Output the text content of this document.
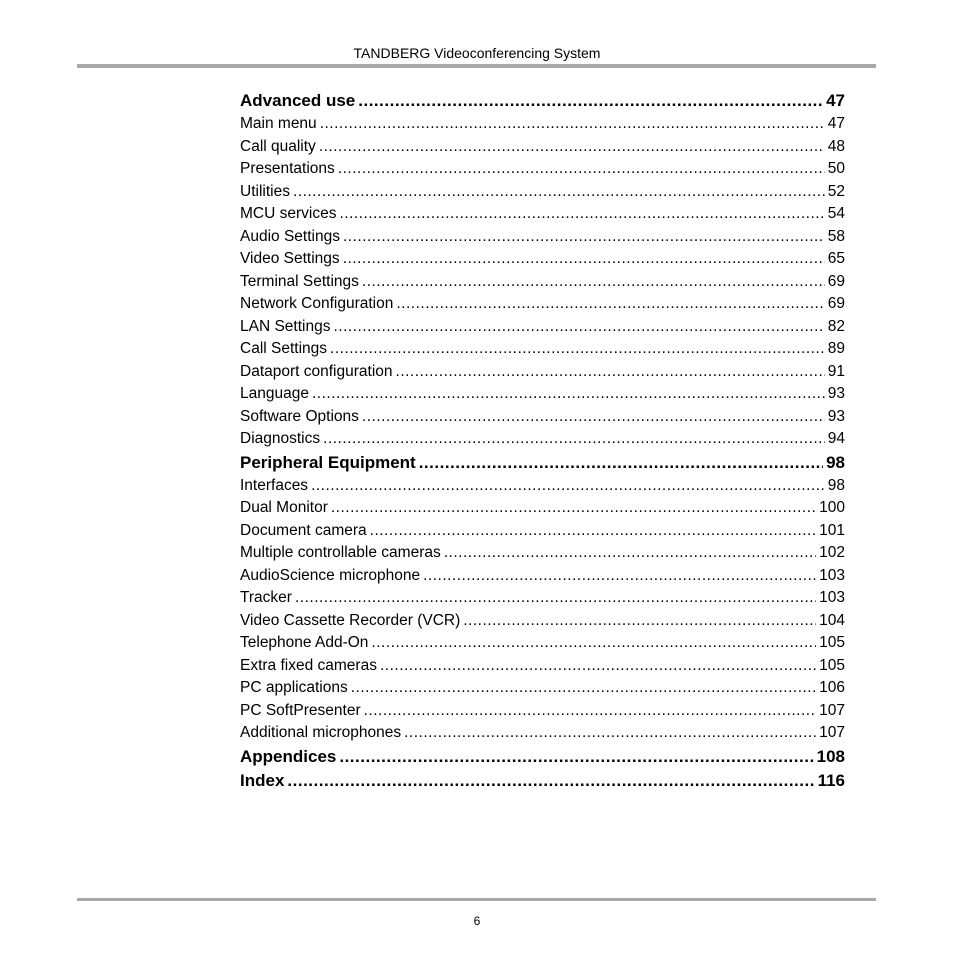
TANDBERG Videoconferencing System
Advanced use .....	47
Main menu .....	47
Call quality .....	48
Presentations .....	50
Utilities .....	52
MCU services .....	54
Audio Settings .....	58
Video Settings .....	65
Terminal Settings .....	69
Network Configuration .....	69
LAN Settings .....	82
Call Settings .....	89
Dataport configuration .....	91
Language .....	93
Software Options .....	93
Diagnostics .....	94
Peripheral Equipment .....	98
Interfaces .....	98
Dual Monitor .....	100
Document camera .....	101
Multiple controllable cameras .....	102
AudioScience microphone .....	103
Tracker .....	103
Video Cassette Recorder (VCR) .....	104
Telephone Add-On .....	105
Extra fixed cameras .....	105
PC applications .....	106
PC SoftPresenter .....	107
Additional microphones .....	107
Appendices .....	108
Index .....	116
6
